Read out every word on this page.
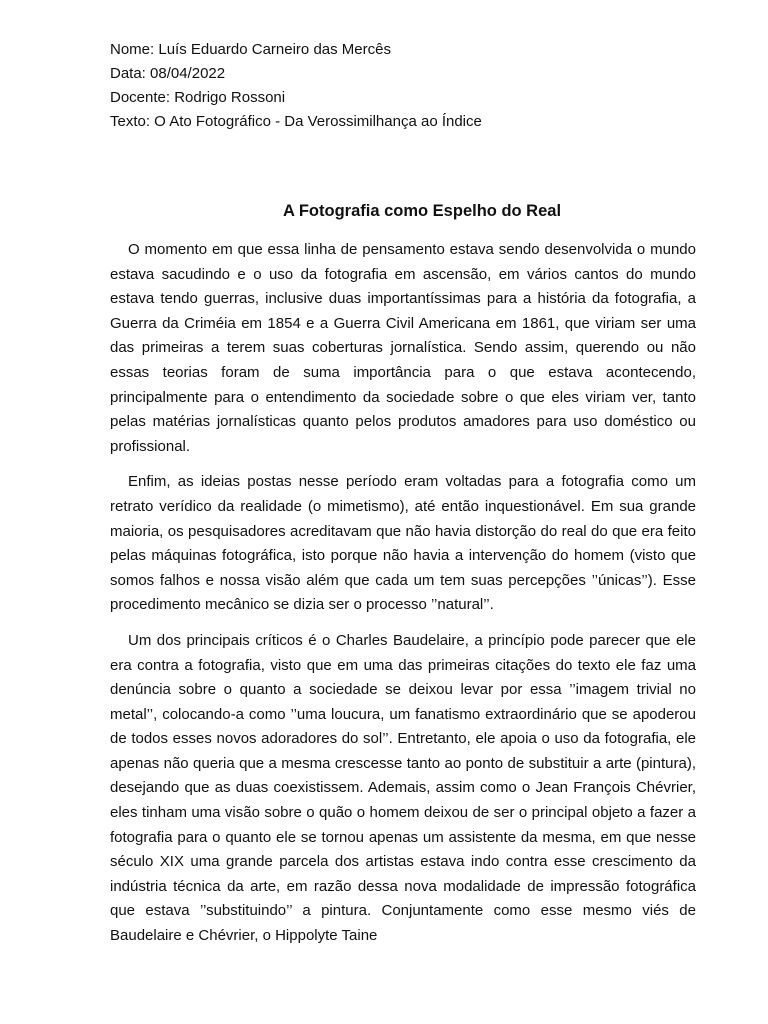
Nome: Luís Eduardo Carneiro das Mercês

Data: 08/04/2022

Docente: Rodrigo Rossoni

Texto: O Ato Fotográfico - Da Verossimilhança ao Índice

A Fotografia como Espelho do Real

O momento em que essa linha de pensamento estava sendo desenvolvida o mundo estava sacudindo e o uso da fotografia em ascensão, em vários cantos do mundo estava tendo guerras, inclusive duas importantíssimas para a história da fotografia, a Guerra da Criméia em 1854 e a Guerra Civil Americana em 1861, que viriam ser uma das primeiras a terem suas coberturas jornalística. Sendo assim, querendo ou não essas teorias foram de suma importância para o que estava acontecendo, principalmente para o entendimento da sociedade sobre o que eles viriam ver, tanto pelas matérias jornalísticas quanto pelos produtos amadores para uso doméstico ou profissional.

Enfim, as ideias postas nesse período eram voltadas para a fotografia como um retrato verídico da realidade (o mimetismo), até então inquestionável. Em sua grande maioria, os pesquisadores acreditavam que não havia distorção do real do que era feito pelas máquinas fotográfica, isto porque não havia a intervenção do homem (visto que somos falhos e nossa visão além que cada um tem suas percepções ’’únicas’’). Esse procedimento mecânico se dizia ser o processo ’’natural’’.

Um dos principais críticos é o Charles Baudelaire, a princípio pode parecer que ele era contra a fotografia, visto que em uma das primeiras citações do texto ele faz uma denúncia sobre o quanto a sociedade se deixou levar por essa ’’imagem trivial no metal’’, colocando-a como ’’uma loucura, um fanatismo extraordinário que se apoderou de todos esses novos adoradores do sol’’. Entretanto, ele apoia o uso da fotografia, ele apenas não queria que a mesma crescesse tanto ao ponto de substituir a arte (pintura), desejando que as duas coexistissem. Ademais, assim como o Jean François Chévrier, eles tinham uma visão sobre o quão o homem deixou de ser o principal objeto a fazer a fotografia para o quanto ele se tornou apenas um assistente da mesma, em que nesse século XIX uma grande parcela dos artistas estava indo contra esse crescimento da indústria técnica da arte, em razão dessa nova modalidade de impressão fotográfica que estava ’’substituindo’’ a pintura. Conjuntamente como esse mesmo viés de Baudelaire e Chévrier, o Hippolyte Taine
